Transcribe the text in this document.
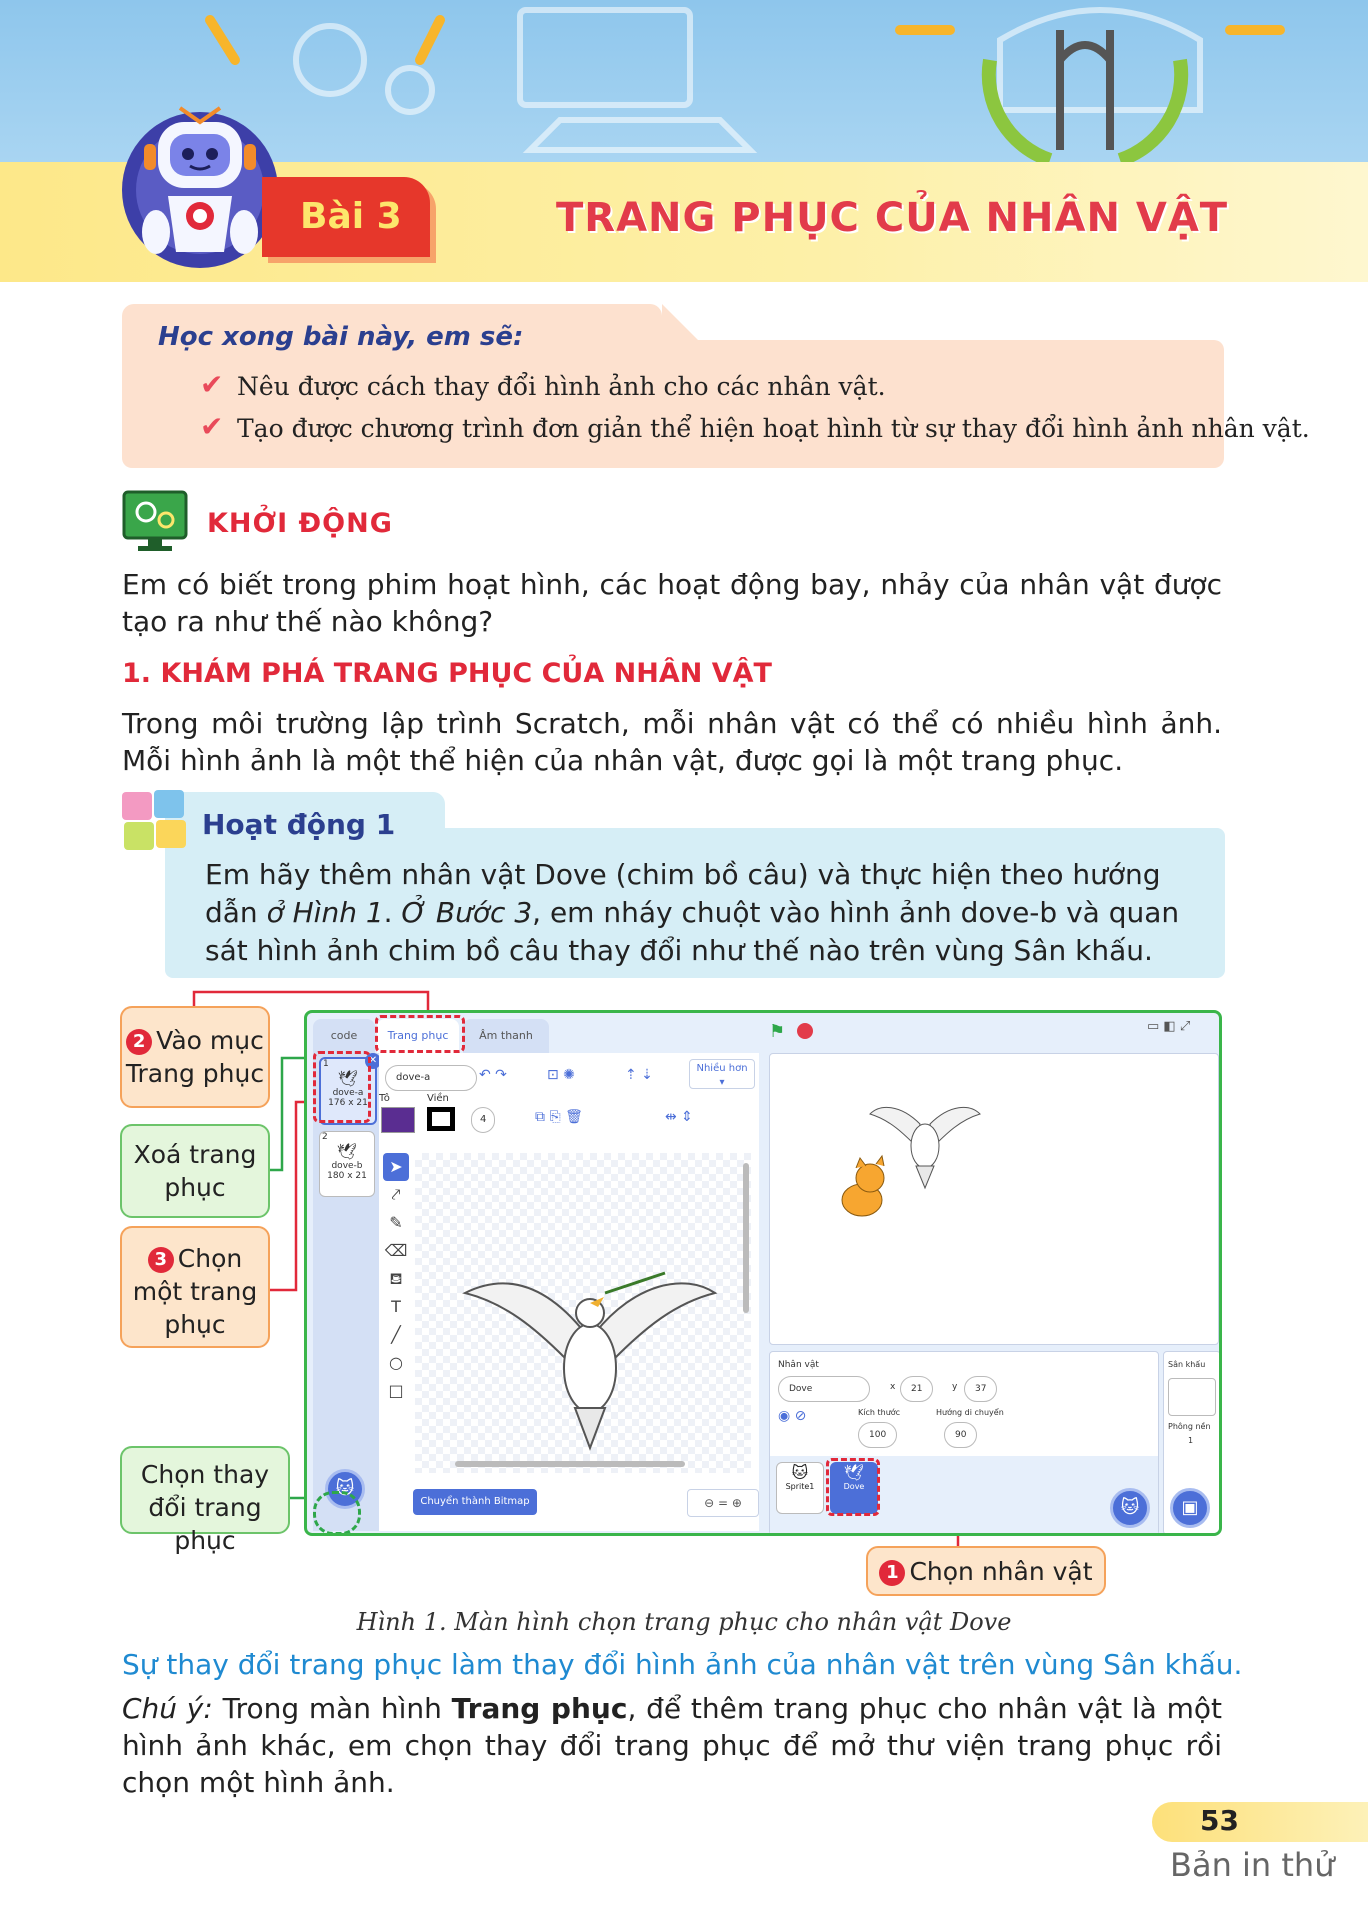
Bài 3	TRANG PHỤC CỦA NHÂN VẬT
Học xong bài này, em sẽ:
✔ Nêu được cách thay đổi hình ảnh cho các nhân vật.
✔ Tạo được chương trình đơn giản thể hiện hoạt hình từ sự thay đổi hình ảnh nhân vật.
KHỞI ĐỘNG
Em có biết trong phim hoạt hình, các hoạt động bay, nhảy của nhân vật được tạo ra như thế nào không?
1. KHÁM PHÁ TRANG PHỤC CỦA NHÂN VẬT
Trong môi trường lập trình Scratch, mỗi nhân vật có thể có nhiều hình ảnh. Mỗi hình ảnh là một thể hiện của nhân vật, được gọi là một trang phục.
Hoạt động 1
Em hãy thêm nhân vật Dove (chim bồ câu) và thực hiện theo hướng dẫn ở Hình 1. Ở Bước 3, em nháy chuột vào hình ảnh dove-b và quan sát hình ảnh chim bồ câu thay đổi như thế nào trên vùng Sân khấu.
2 Vào mục Trang phục
Xoá trang phục
3 Chọn một trang phục
Chọn thay đổi trang phục
1 Chọn nhân vật
code	Trang phục	Âm thanh
1
🕊
dove-a
176 x 21
✕
2
🕊
dove-b
180 x 21
🐱
dove-a
Tô	Viền
4
↶ ↷	⊡ ✺	⇡ ⇣	Nhiều hơn
▾
⧉ ⎘ 🗑	⇹ ⇕
➤
⤤
✎
⌫
⛾
T
╱
○
□
Chuyển thành Bitmap	⊖ = ⊕
⚑	▭ ◧ ⤢
Nhân vật
Dove	x	21	y	37
◉ ⊘	Kích thước
100
Hướng di chuyển
90
🐱
Sprite1
🕊
Dove
🐱
Sân khấu
Phông nền
1
▣
Hình 1. Màn hình chọn trang phục cho nhân vật Dove
Sự thay đổi trang phục làm thay đổi hình ảnh của nhân vật trên vùng Sân khấu.
Chú ý: Trong màn hình Trang phục, để thêm trang phục cho nhân vật là một hình ảnh khác, em chọn thay đổi trang phục để mở thư viện trang phục rồi chọn một hình ảnh.
53
Bản in thử
